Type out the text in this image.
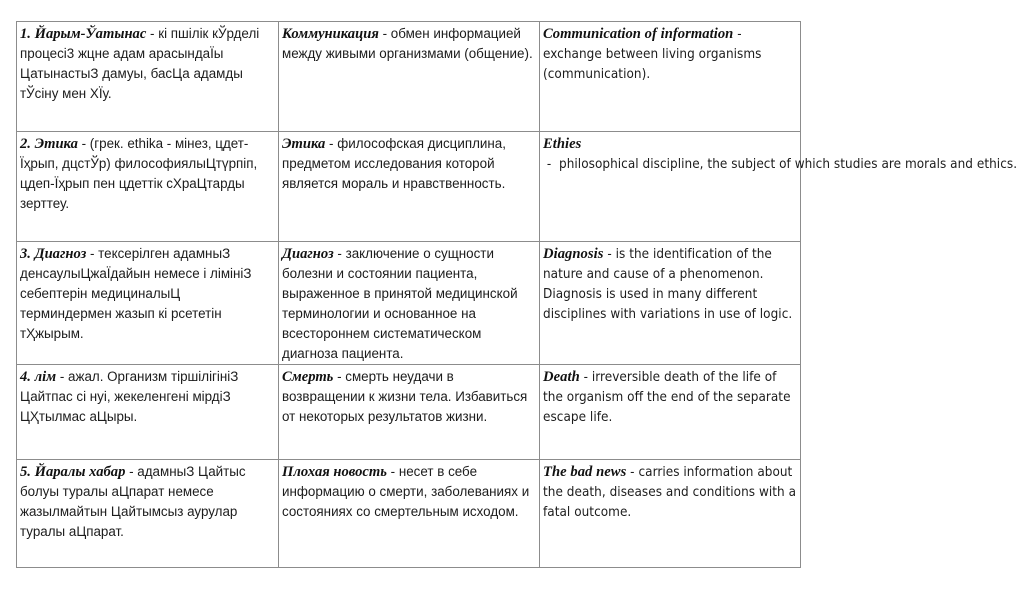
1. Йарым-Ўатынас - кі пшілік кЎрделі процесі3 жцне адам арасындаЇы ЦатынастыЗ дамуы, басЦа адамды тЎсіну мен ХЇу.	Коммуникация - обмен информацией между живыми организмами (общение).	Communication of information - exchange between living organisms (communication).
2. Этика - (грек. ethika - мінез, цдет-Їҳрып, дцстЎр) философиялыЦтүрпіп, цдеп-Їҳрып пен цдеттік сХраЦтарды зерттеу.	Этика - философская дисциплина, предметом исследования которой является мораль и нравственность.	Ethies -  philosophical discipline, the subject of which studies are morals and ethics.
3. Диагноз - тексерілген адамныЗ денсаулыЦжаЇдайын немесе і лімініЗ себептерін медициналыЦ терминдермен жазып кі рсететін тҲжырым.	Диагноз - заключение о сущности болезни и состоянии пациента, выраженное в принятой медицинской терминологии и основанное на всестороннем систематическом диагноза пациента.	Diagnosis - is the identification of the nature and cause of a phenomenon. Diagnosis is used in many different disciplines with variations in use of logic.
4. лім - ажал. Организм тіршілігініЗ Цайтпас сі нуі, жекеленгені мірдіЗ ЦҲтылмас аЦыры.	Смерть - смерть неудачи в возвращении к жизни тела. Избавиться от некоторых результатов жизни.	Death - irreversible death of the life of the organism off the end of the separate escape life.
5. Йаралы хабар - адамныЗ Цайтыс болуы туралы аЦпарат немесе жазылмайтын Цайтымсыз аурулар туралы аЦпарат.	Плохая новость - несет в себе информацию о смерти, заболеваниях и состояниях со смертельным исходом.	The bad news - carries information about the death, diseases and conditions with a fatal outcome.
